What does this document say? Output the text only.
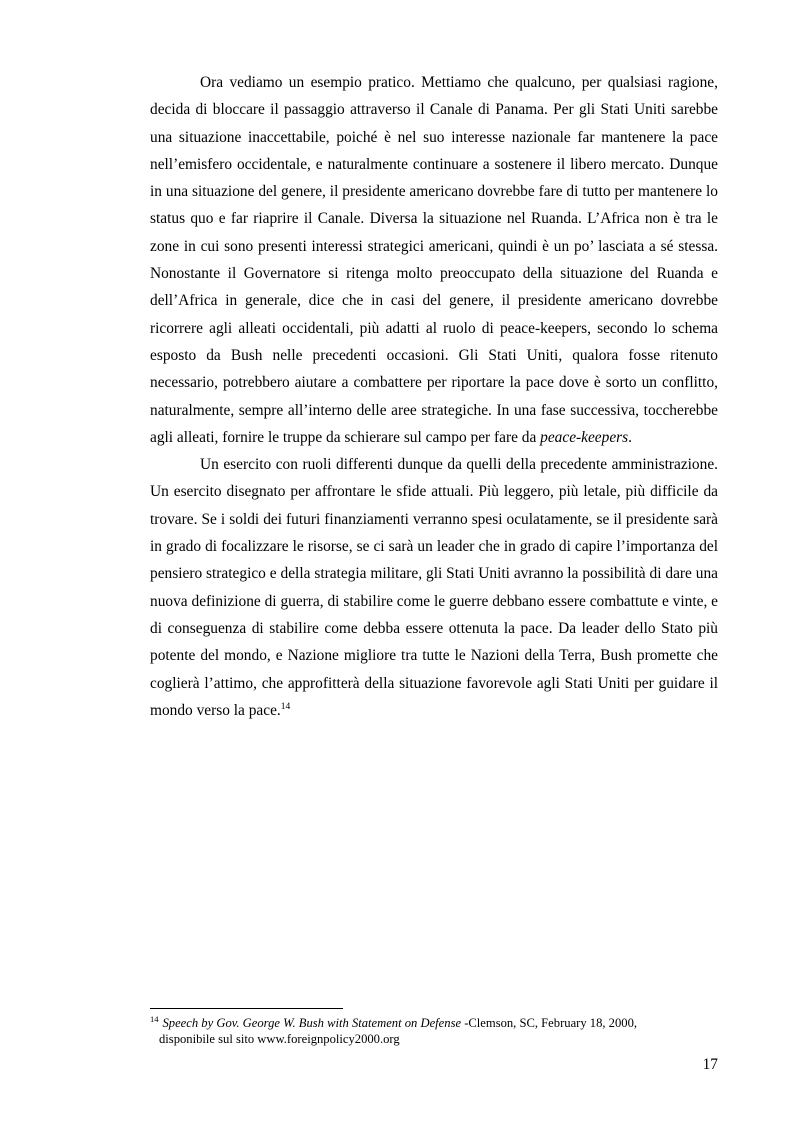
Ora vediamo un esempio pratico. Mettiamo che qualcuno, per qualsiasi ragione, decida di bloccare il passaggio attraverso il Canale di Panama. Per gli Stati Uniti sarebbe una situazione inaccettabile, poiché è nel suo interesse nazionale far mantenere la pace nell’emisfero occidentale, e naturalmente continuare a sostenere il libero mercato. Dunque in una situazione del genere, il presidente americano dovrebbe fare di tutto per mantenere lo status quo e far riaprire il Canale. Diversa la situazione nel Ruanda. L’Africa non è tra le zone in cui sono presenti interessi strategici americani, quindi è un po’ lasciata a sé stessa. Nonostante il Governatore si ritenga molto preoccupato della situazione del Ruanda e dell’Africa in generale, dice che in casi del genere, il presidente americano dovrebbe ricorrere agli alleati occidentali, più adatti al ruolo di peace-keepers, secondo lo schema esposto da Bush nelle precedenti occasioni. Gli Stati Uniti, qualora fosse ritenuto necessario, potrebbero aiutare a combattere per riportare la pace dove è sorto un conflitto, naturalmente, sempre all’interno delle aree strategiche. In una fase successiva, toccherebbe agli alleati, fornire le truppe da schierare sul campo per fare da peace-keepers.

Un esercito con ruoli differenti dunque da quelli della precedente amministrazione. Un esercito disegnato per affrontare le sfide attuali. Più leggero, più letale, più difficile da trovare. Se i soldi dei futuri finanziamenti verranno spesi oculatamente, se il presidente sarà in grado di focalizzare le risorse, se ci sarà un leader che in grado di capire l’importanza del pensiero strategico e della strategia militare, gli Stati Uniti avranno la possibilità di dare una nuova definizione di guerra, di stabilire come le guerre debbano essere combattute e vinte, e di conseguenza di stabilire come debba essere ottenuta la pace. Da leader dello Stato più potente del mondo, e Nazione migliore tra tutte le Nazioni della Terra, Bush promette che coglierà l’attimo, che approfitterà della situazione favorevole agli Stati Uniti per guidare il mondo verso la pace.$^{14}$

$^{14}$ Speech by Gov. George W. Bush with Statement on Defense -Clemson, SC, February 18, 2000,
disponibile sul sito www.foreignpolicy2000.org
17
